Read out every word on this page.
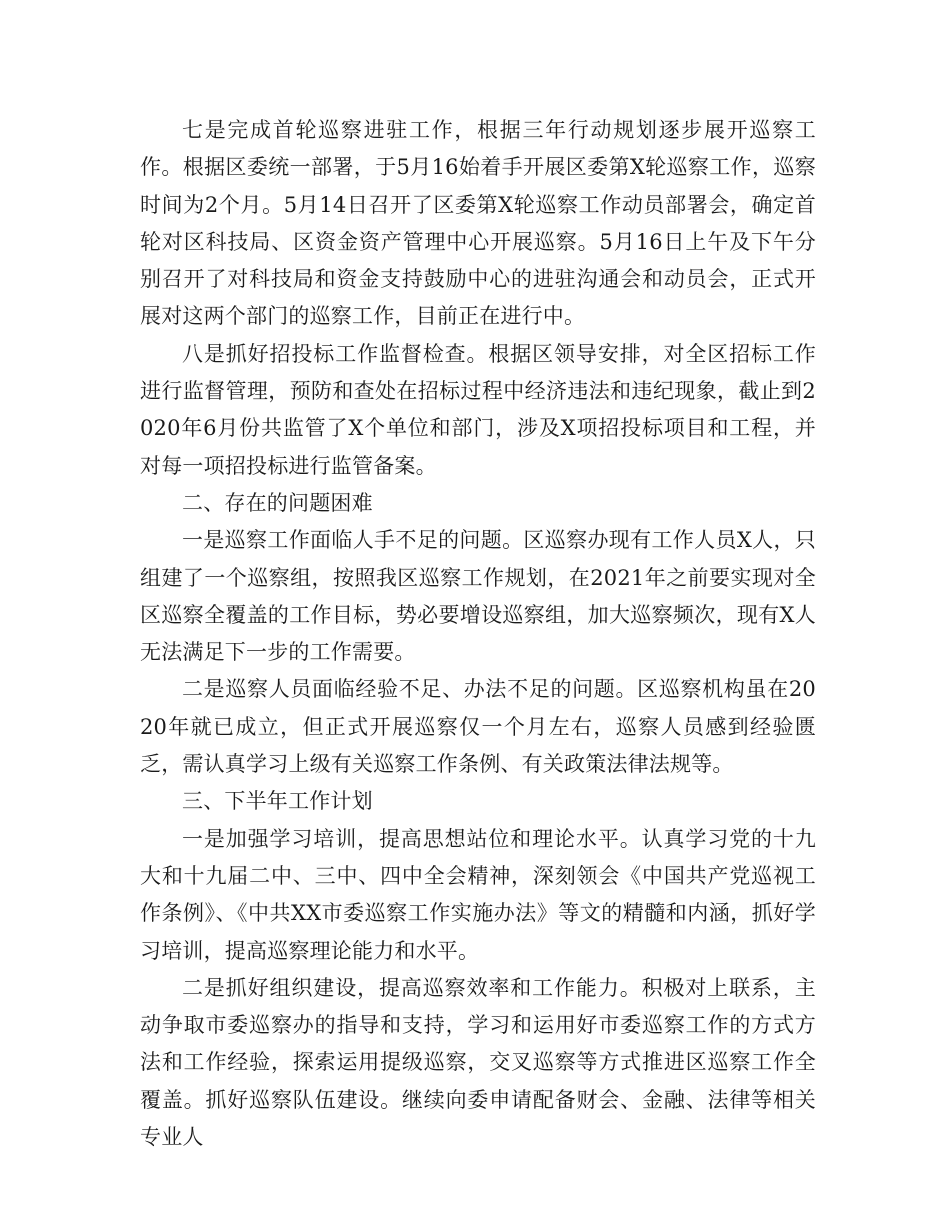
七是完成首轮巡察进驻工作，根据三年行动规划逐步展开巡察工作。根据区委统一部署，于5月16始着手开展区委第X轮巡察工作，巡察时间为2个月。5月14日召开了区委第X轮巡察工作动员部署会，确定首轮对区科技局、区资金资产管理中心开展巡察。5月16日上午及下午分别召开了对科技局和资金支持鼓励中心的进驻沟通会和动员会，正式开展对这两个部门的巡察工作，目前正在进行中。

八是抓好招投标工作监督检查。根据区领导安排，对全区招标工作进行监督管理，预防和查处在招标过程中经济违法和违纪现象，截止到2020年6月份共监管了X个单位和部门，涉及X项招投标项目和工程，并对每一项招投标进行监管备案。

二、存在的问题困难

一是巡察工作面临人手不足的问题。区巡察办现有工作人员X人，只组建了一个巡察组，按照我区巡察工作规划，在2021年之前要实现对全区巡察全覆盖的工作目标，势必要增设巡察组，加大巡察频次，现有X人无法满足下一步的工作需要。

二是巡察人员面临经验不足、办法不足的问题。区巡察机构虽在2020年就已成立，但正式开展巡察仅一个月左右，巡察人员感到经验匮乏，需认真学习上级有关巡察工作条例、有关政策法律法规等。

三、下半年工作计划

一是加强学习培训，提高思想站位和理论水平。认真学习党的十九大和十九届二中、三中、四中全会精神，深刻领会《中国共产党巡视工作条例》、《中共XX市委巡察工作实施办法》等文的精髓和内涵，抓好学习培训，提高巡察理论能力和水平。

二是抓好组织建设，提高巡察效率和工作能力。积极对上联系，主动争取市委巡察办的指导和支持，学习和运用好市委巡察工作的方式方法和工作经验，探索运用提级巡察，交叉巡察等方式推进区巡察工作全覆盖。抓好巡察队伍建设。继续向委申请配备财会、金融、法律等相关专业人
